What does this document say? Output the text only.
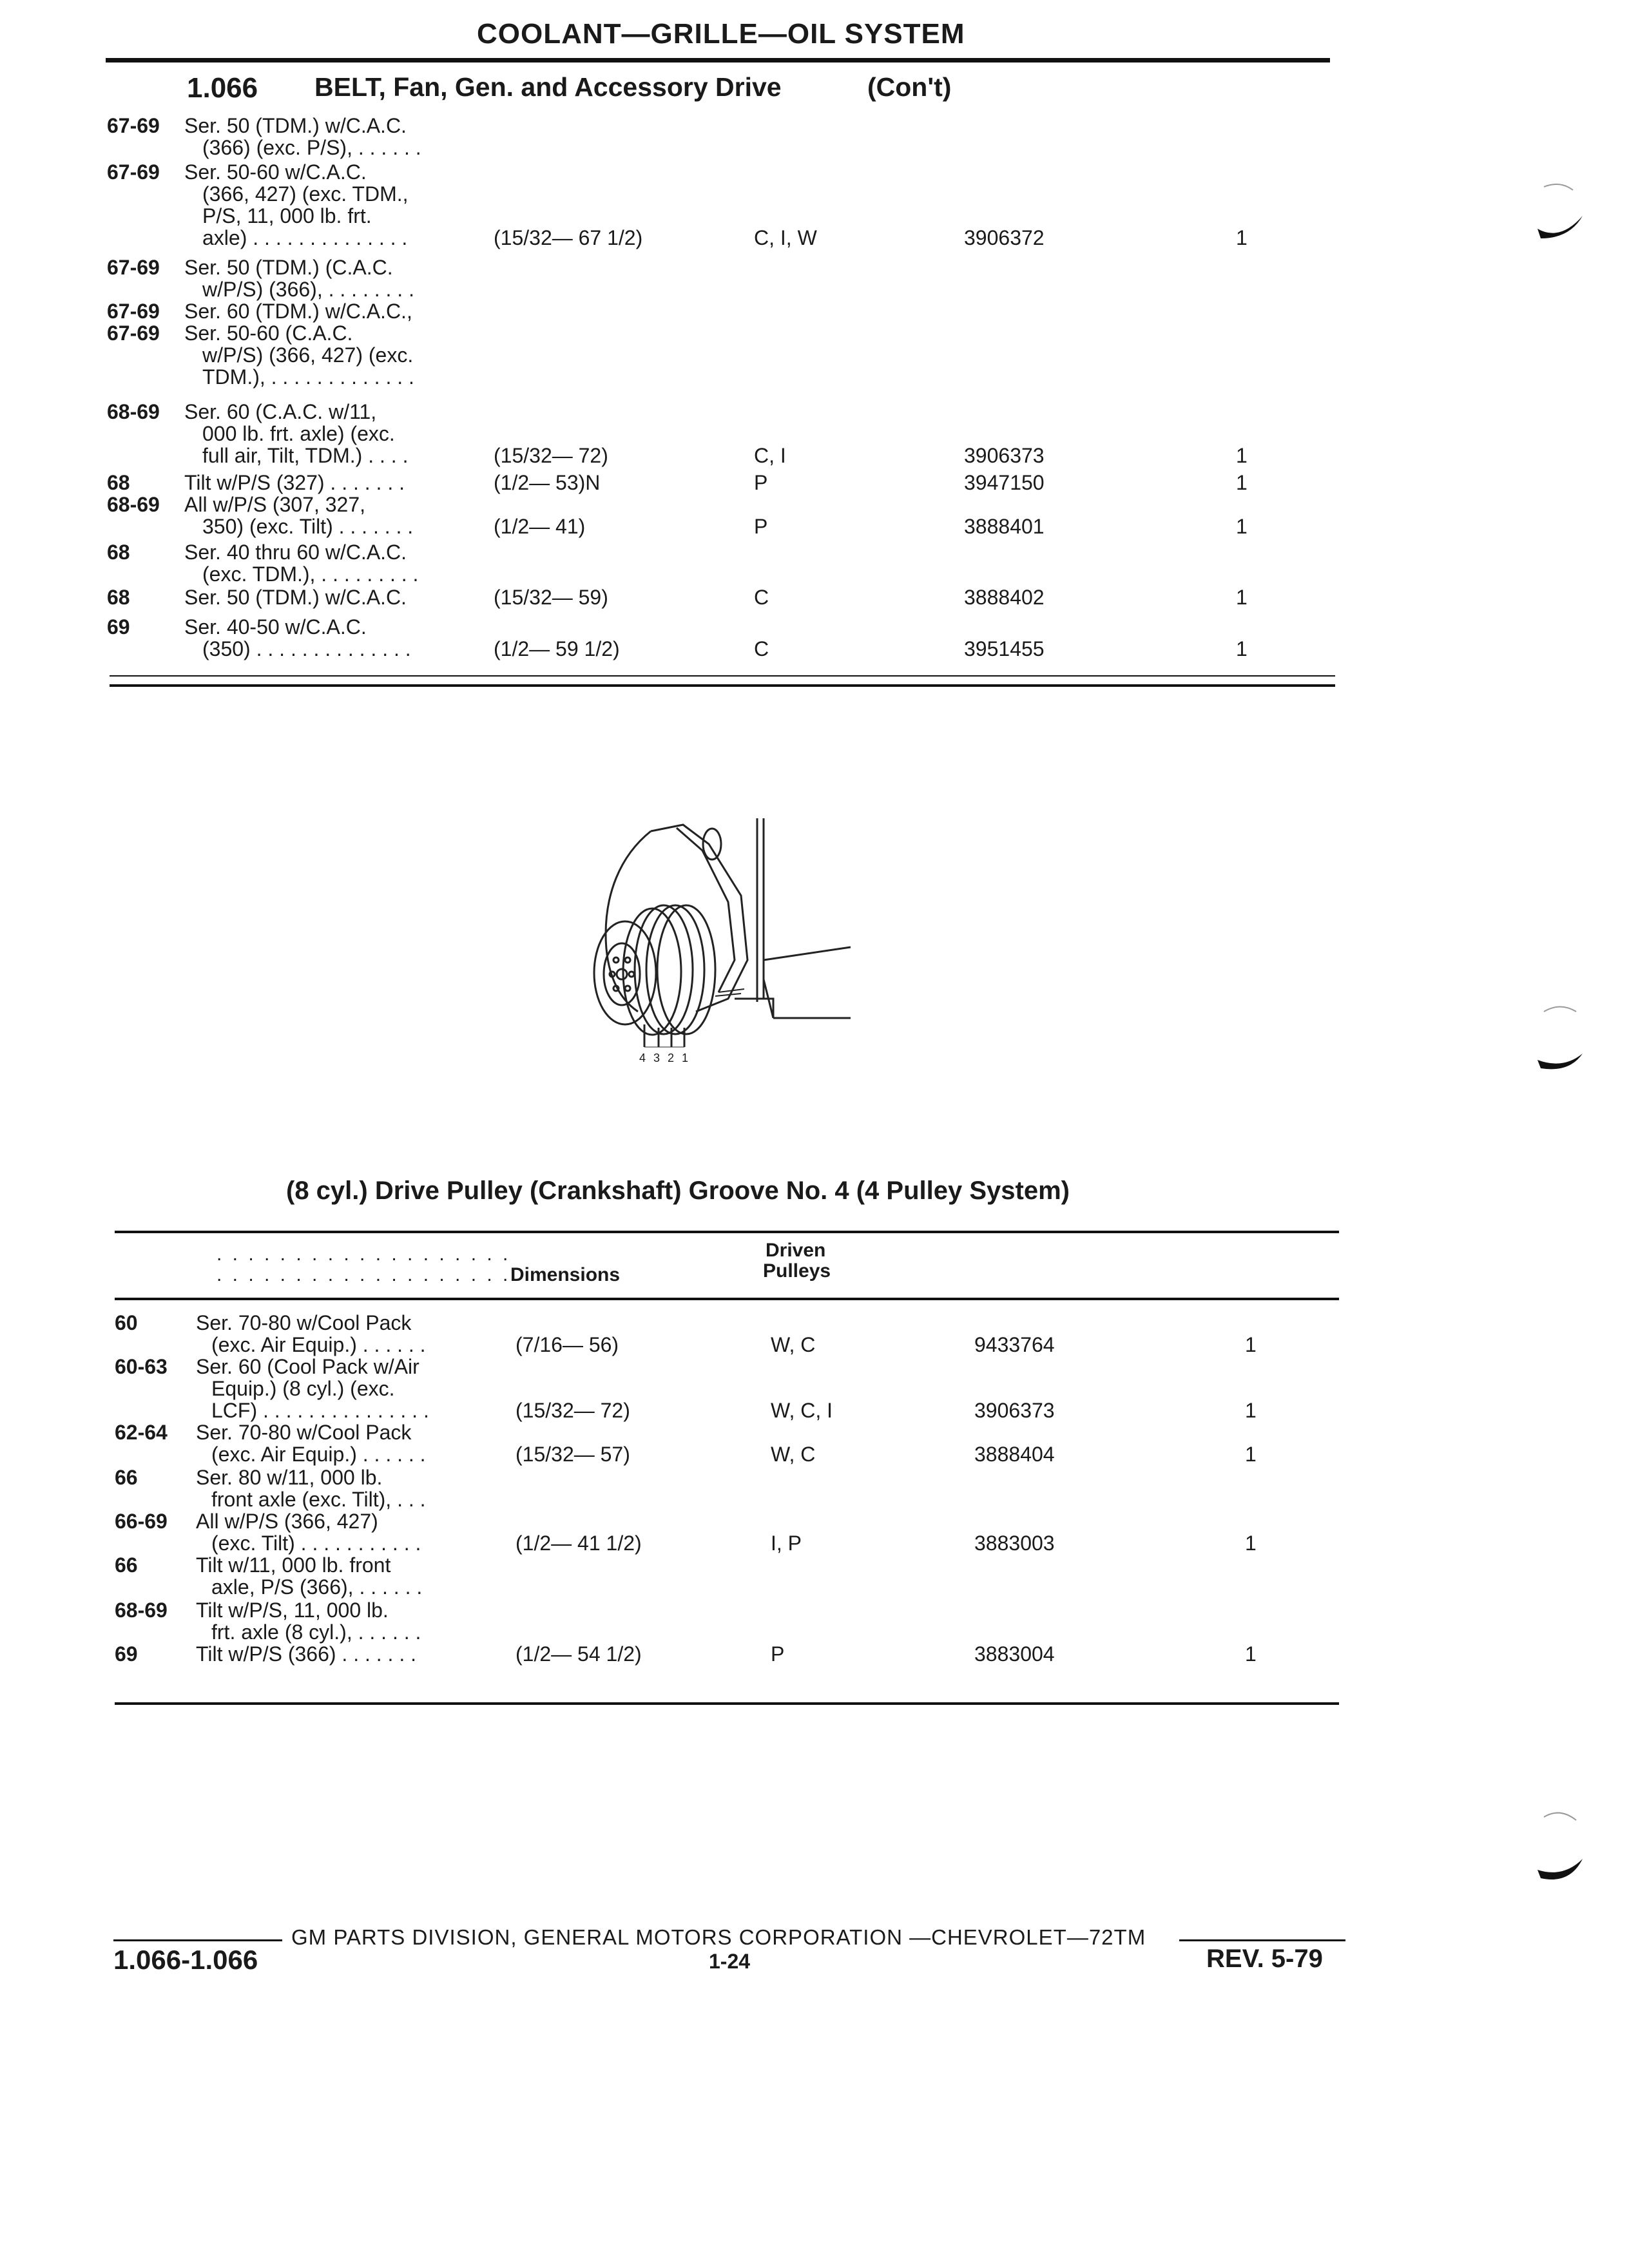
COOLANT—GRILLE—OIL SYSTEM
1.066 BELT, Fan, Gen. and Accessory Drive	(Con't)
67-69 Ser. 50 (TDM.) w/C.A.C.
(366) (exc. P/S), . . . . . .
67-69 Ser. 50-60 w/C.A.C.
(366, 427) (exc. TDM.,
P/S, 11, 000 lb. frt.
axle) . . . . . . . . . . . . . .	(15/32— 67 1/2)	C, I, W	3906372	1
67-69 Ser. 50 (TDM.) (C.A.C.
w/P/S) (366), . . . . . . . .
67-69 Ser. 60 (TDM.) w/C.A.C.,
67-69 Ser. 50-60 (C.A.C.
w/P/S) (366, 427) (exc.
TDM.), . . . . . . . . . . . . .
68-69 Ser. 60 (C.A.C. w/11,
000 lb. frt. axle) (exc.
full air, Tilt, TDM.) . . . .	(15/32— 72)	C, I	3906373	1
68	Tilt w/P/S (327) . . . . . . .	(1/2— 53)N	P	3947150	1
68-69 All w/P/S (307, 327,
350) (exc. Tilt) . . . . . . .	(1/2— 41)	P	3888401	1
68	Ser. 40 thru 60 w/C.A.C.
(exc. TDM.), . . . . . . . . .
68	Ser. 50 (TDM.) w/C.A.C.	(15/32— 59)	C	3888402	1
69	Ser. 40-50 w/C.A.C.
(350) . . . . . . . . . . . . . .	(1/2— 59 1/2)	C	3951455	1
4321
(8 cyl.) Drive Pulley (Crankshaft) Groove No. 4 (4 Pulley System)
. . . . . . . . . . . . . . . . . . .
. . . . . . . . . . . . . . . . . . . Dimensions
Driven
Pulleys
60	Ser. 70-80 w/Cool Pack
(exc. Air Equip.) . . . . . .	(7/16— 56)	W, C	9433764	1
60-63 Ser. 60 (Cool Pack w/Air
Equip.) (8 cyl.) (exc.
LCF) . . . . . . . . . . . . . . .	(15/32— 72)	W, C, I	3906373	1
62-64 Ser. 70-80 w/Cool Pack
(exc. Air Equip.) . . . . . .	(15/32— 57)	W, C	3888404	1
66	Ser. 80 w/11, 000 lb.
front axle (exc. Tilt), . . .
66-69 All w/P/S (366, 427)
(exc. Tilt) . . . . . . . . . . .	(1/2— 41 1/2)	I, P	3883003	1
66	Tilt w/11, 000 lb. front
axle, P/S (366), . . . . . .
68-69 Tilt w/P/S, 11, 000 lb.
frt. axle (8 cyl.), . . . . . .
69	Tilt w/P/S (366) . . . . . . .	(1/2— 54 1/2)	P	3883004	1
GM PARTS DIVISION, GENERAL MOTORS CORPORATION —CHEVROLET—72TM
1.066-1.066	1-24	REV. 5-79
